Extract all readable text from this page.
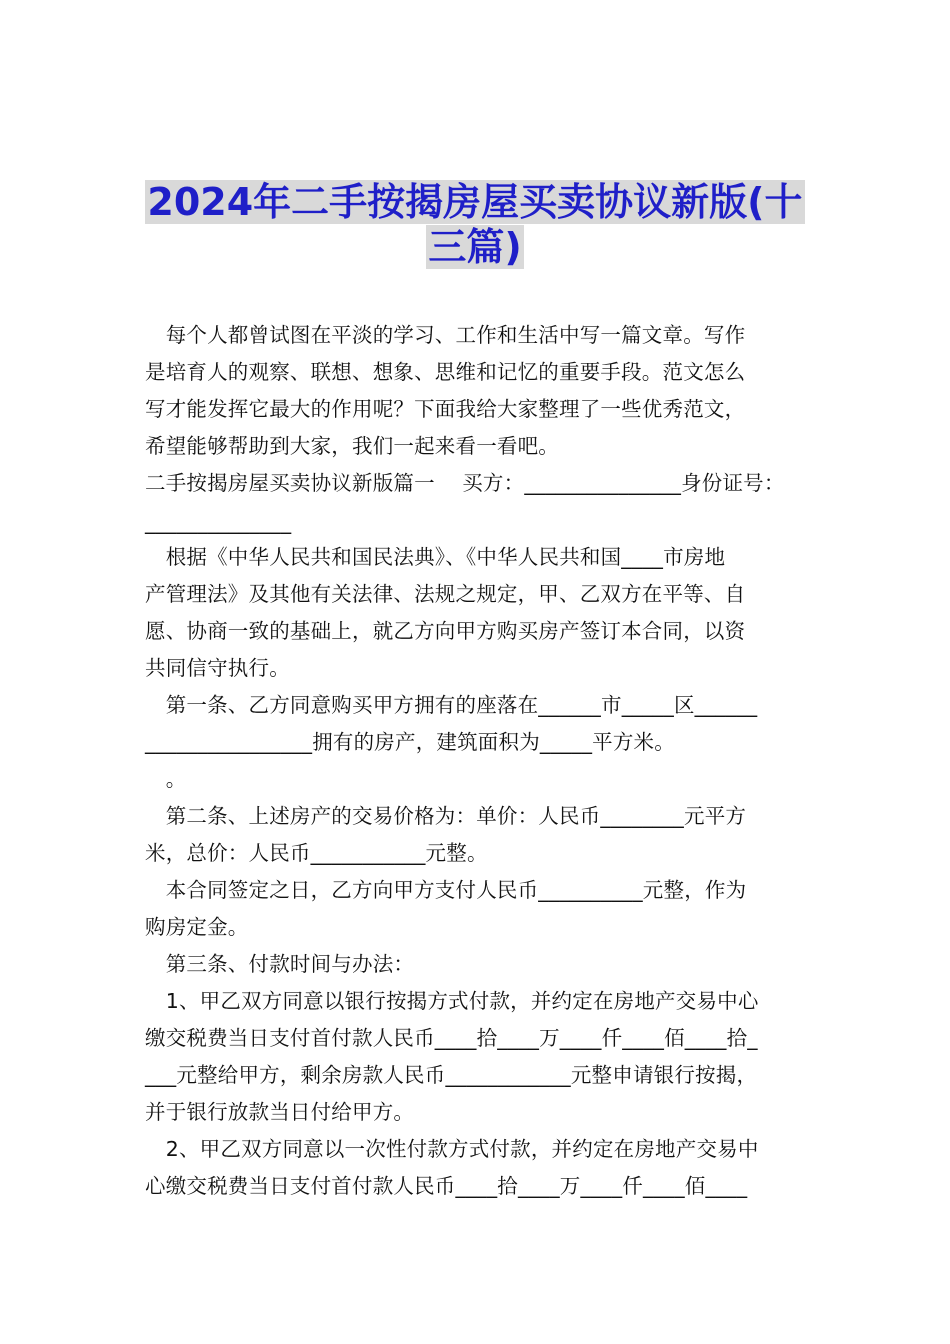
2024年二手按揭房屋买卖协议新版(十
三篇)
　每个人都曾试图在平淡的学习、工作和生活中写一篇文章。写作
是培育人的观察、联想、想象、思维和记忆的重要手段。范文怎么
写才能发挥它最大的作用呢？下面我给大家整理了一些优秀范文，
希望能够帮助到大家，我们一起来看一看吧。
二手按揭房屋买卖协议新版篇一　 买方：_______________身份证号：
______________
　根据《中华人民共和国民法典》、《中华人民共和国____市房地
产管理法》及其他有关法律、法规之规定，甲、乙双方在平等、自
愿、协商一致的基础上，就乙方向甲方购买房产签订本合同，以资
共同信守执行。
　第一条、乙方同意购买甲方拥有的座落在______市_____区______
________________拥有的房产，建筑面积为_____平方米。
　。
　第二条、上述房产的交易价格为：单价：人民币________元平方
米，总价：人民币___________元整。
　本合同签定之日，乙方向甲方支付人民币__________元整，作为
购房定金。
　第三条、付款时间与办法：
　1、甲乙双方同意以银行按揭方式付款，并约定在房地产交易中心
缴交税费当日支付首付款人民币____拾____万____仟____佰____拾_
___元整给甲方，剩余房款人民币____________元整申请银行按揭，
并于银行放款当日付给甲方。
　2、甲乙双方同意以一次性付款方式付款，并约定在房地产交易中
心缴交税费当日支付首付款人民币____拾____万____仟____佰____
